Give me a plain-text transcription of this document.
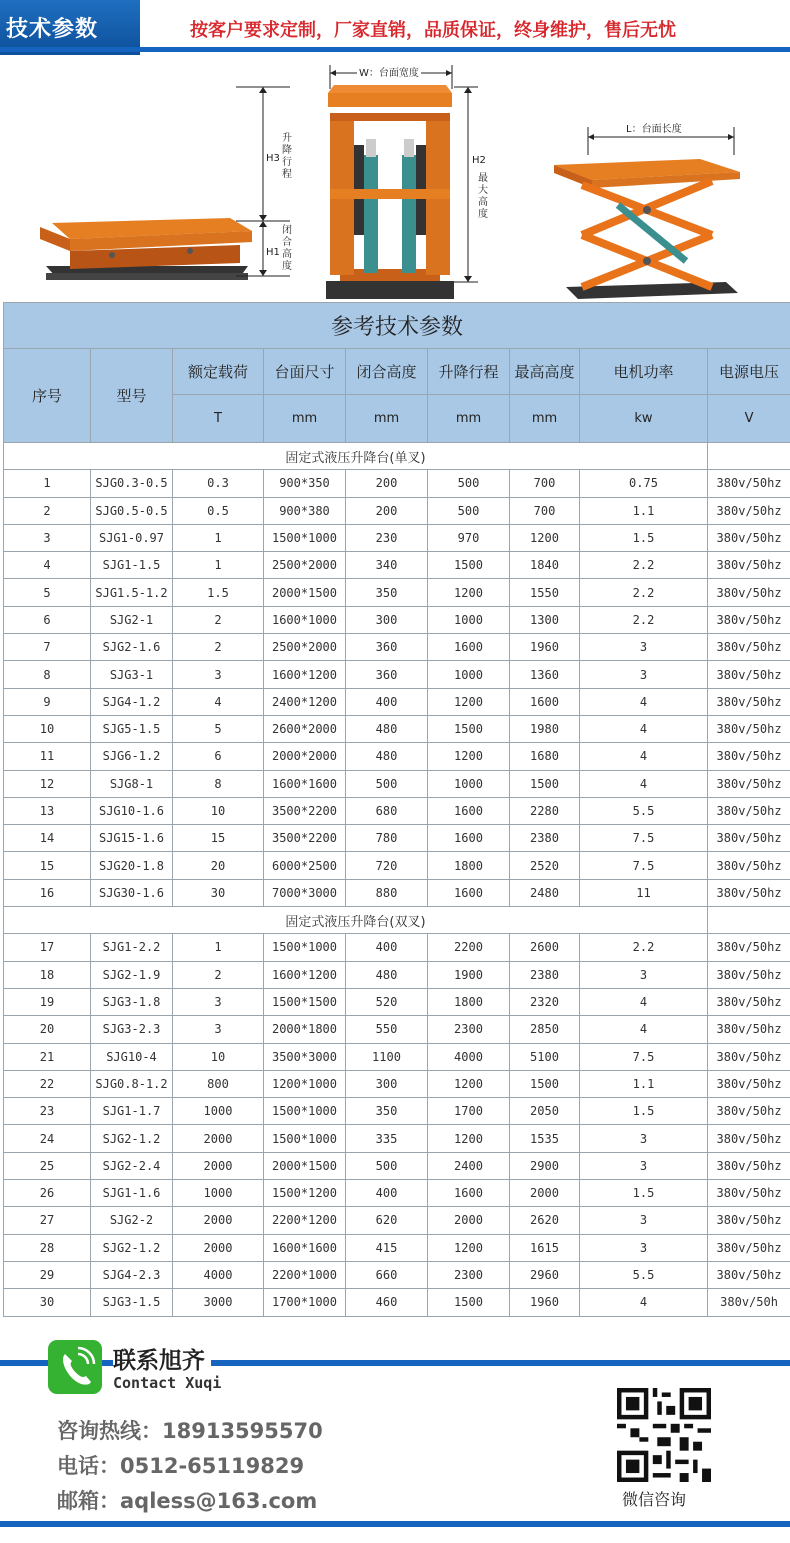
技术参数	按客户要求定制，厂家直销，品质保证，终身维护，售后无忧
W：台面宽度
L：台面长度
H3
升降行程
H1
闭合高度
H2
最大高度
参考技术参数								
序号	型号	额定载荷	台面尺寸	闭合高度	升降行程	最高高度	电机功率	电源电压
		T	mm	mm	mm	mm	kw	V
固定式液压升降台(单叉)								
1	SJG0.3-0.5	0.3	900*350	200	500	700	0.75	380v/50hz
2	SJG0.5-0.5	0.5	900*380	200	500	700	1.1	380v/50hz
3	SJG1-0.97	1	1500*1000	230	970	1200	1.5	380v/50hz
4	SJG1-1.5	1	2500*2000	340	1500	1840	2.2	380v/50hz
5	SJG1.5-1.2	1.5	2000*1500	350	1200	1550	2.2	380v/50hz
6	SJG2-1	2	1600*1000	300	1000	1300	2.2	380v/50hz
7	SJG2-1.6	2	2500*2000	360	1600	1960	3	380v/50hz
8	SJG3-1	3	1600*1200	360	1000	1360	3	380v/50hz
9	SJG4-1.2	4	2400*1200	400	1200	1600	4	380v/50hz
10	SJG5-1.5	5	2600*2000	480	1500	1980	4	380v/50hz
11	SJG6-1.2	6	2000*2000	480	1200	1680	4	380v/50hz
12	SJG8-1	8	1600*1600	500	1000	1500	4	380v/50hz
13	SJG10-1.6	10	3500*2200	680	1600	2280	5.5	380v/50hz
14	SJG15-1.6	15	3500*2200	780	1600	2380	7.5	380v/50hz
15	SJG20-1.8	20	6000*2500	720	1800	2520	7.5	380v/50hz
16	SJG30-1.6	30	7000*3000	880	1600	2480	11	380v/50hz
固定式液压升降台(双叉)								
17	SJG1-2.2	1	1500*1000	400	2200	2600	2.2	380v/50hz
18	SJG2-1.9	2	1600*1200	480	1900	2380	3	380v/50hz
19	SJG3-1.8	3	1500*1500	520	1800	2320	4	380v/50hz
20	SJG3-2.3	3	2000*1800	550	2300	2850	4	380v/50hz
21	SJG10-4	10	3500*3000	1100	4000	5100	7.5	380v/50hz
22	SJG0.8-1.2	800	1200*1000	300	1200	1500	1.1	380v/50hz
23	SJG1-1.7	1000	1500*1000	350	1700	2050	1.5	380v/50hz
24	SJG2-1.2	2000	1500*1000	335	1200	1535	3	380v/50hz
25	SJG2-2.4	2000	2000*1500	500	2400	2900	3	380v/50hz
26	SJG1-1.6	1000	1500*1200	400	1600	2000	1.5	380v/50hz
27	SJG2-2	2000	2200*1200	620	2000	2620	3	380v/50hz
28	SJG2-1.2	2000	1600*1600	415	1200	1615	3	380v/50hz
29	SJG4-2.3	4000	2200*1000	660	2300	2960	5.5	380v/50hz
30	SJG3-1.5	3000	1700*1000	460	1500	1960	4	380v/50h
联系旭齐
Contact Xuqi
咨询热线：18913595570
电话：0512-65119829
邮箱：aqless@163.com	微信咨询
